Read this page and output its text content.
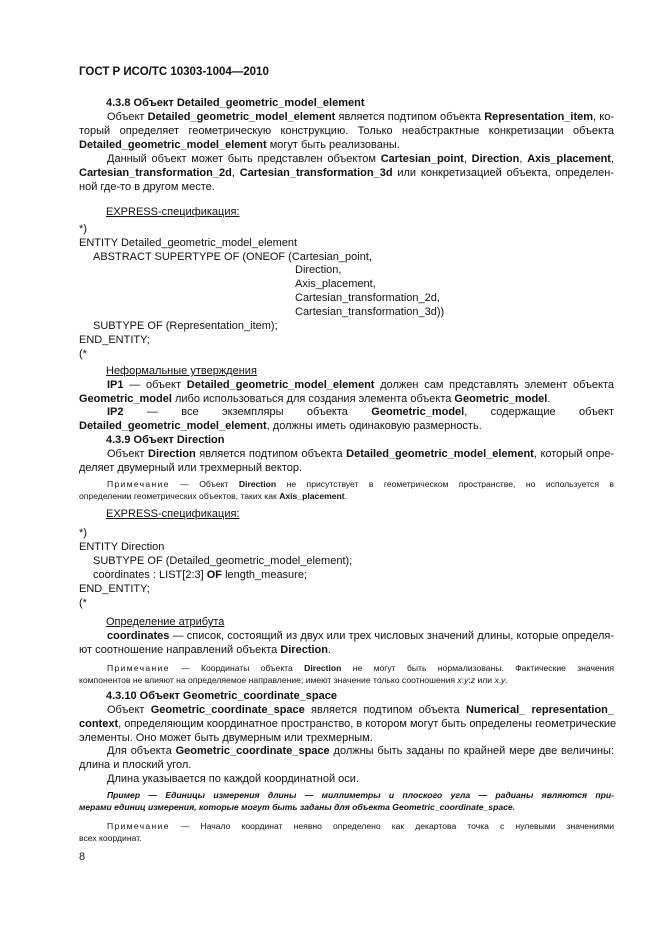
ГОСТ Р ИСО/ТС 10303-1004—2010
4.3.8 Объект Detailed_geometric_model_element
Объект Detailed_geometric_model_element является подтипом объекта Representation_item, ко-
торый определяет геометрическую конструкцию. Только неабстрактные конкретизации объекта
Detailed_geometric_model_element могут быть реализованы.
Данный объект может быть представлен объектом Cartesian_point, Direction, Axis_placement,
Cartesian_transformation_2d, Cartesian_transformation_3d или конкретизацией объекта, определен-
ной где-то в другом месте.
EXPRESS-спецификация:
*)
ENTITY Detailed_geometric_model_element
ABSTRACT SUPERTYPE OF (ONEOF (Cartesian_point,
Direction,
Axis_placement,
Cartesian_transformation_2d,
Cartesian_transformation_3d))
SUBTYPE OF (Representation_item);
END_ENTITY;
(*
Неформальные утверждения
IP1 — объект Detailed_geometric_model_element должен сам представлять элемент объекта
Geometric_model либо использоваться для создания элемента объекта Geometric_model.
IP2 — все экземпляры объекта Geometric_model, содержащие объект
Detailed_geometric_model_element, должны иметь одинаковую размерность.
4.3.9 Объект Direction
Объект Direction является подтипом объекта Detailed_geometric_model_element, который опре-
деляет двумерный или трехмерный вектор.
Примечание — Объект Direction не присутствует в геометрическом пространстве, но используется в
определении геометрических объектов, таких как Axis_placement.
EXPRESS-спецификация:
*)
ENTITY Direction
SUBTYPE OF (Detailed_geometric_model_element);
coordinates : LIST[2:3] OF length_measure;
END_ENTITY;
(*
Определение атрибута
coordinates — список, состоящий из двух или трех числовых значений длины, которые определя-
ют соотношение направлений объекта Direction.
Примечание — Координаты объекта Direction не могут быть нормализованы. Фактические значения
компонентов не влияют на определяемое направление; имеют значение только соотношения x:y:z или x.y.
4.3.10 Объект Geometric_coordinate_space
Объект Geometric_coordinate_space является подтипом объекта Numerical_ representation_
context, определяющим координатное пространство, в котором могут быть определены геометрические
элементы. Оно может быть двумерным или трехмерным.
Для объекта Geometric_coordinate_space должны быть заданы по крайней мере две величины:
длина и плоский угол.
Длина указывается по каждой координатной оси.
Пример — Единицы измерения длины — миллиметры и плоского угла — радианы являются при-
мерами единиц измерения, которые могут быть заданы для объекта Geometric_coordinate_space.
Примечание — Начало координат неявно определено как декартова точка с нулевыми значениями
всех координат.
8
